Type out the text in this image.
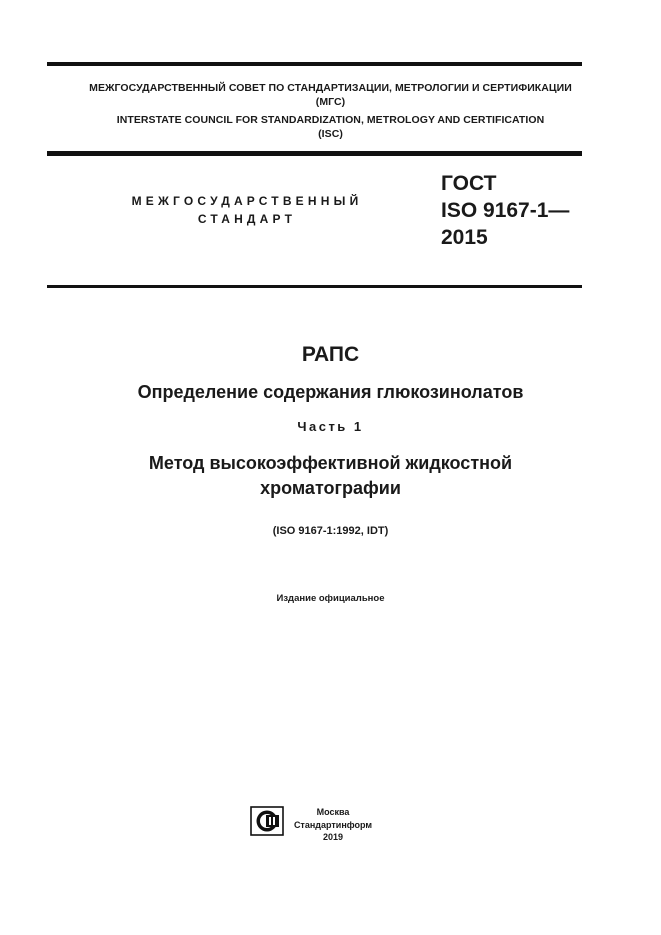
МЕЖГОСУДАРСТВЕННЫЙ СОВЕТ ПО СТАНДАРТИЗАЦИИ, МЕТРОЛОГИИ И СЕРТИФИКАЦИИ
(МГС)
INTERSTATE COUNCIL FOR STANDARDIZATION, METROLOGY AND CERTIFICATION
(ISC)
МЕЖГОСУДАРСТВЕННЫЙ
СТАНДАРТ
ГОСТ
ISO 9167-1—
2015
РАПС
Определение содержания глюкозинолатов
Часть 1
Метод высокоэффективной жидкостной
хроматографии
(ISO 9167-1:1992, IDT)
Издание официальное
Москва
Стандартинформ
2019
